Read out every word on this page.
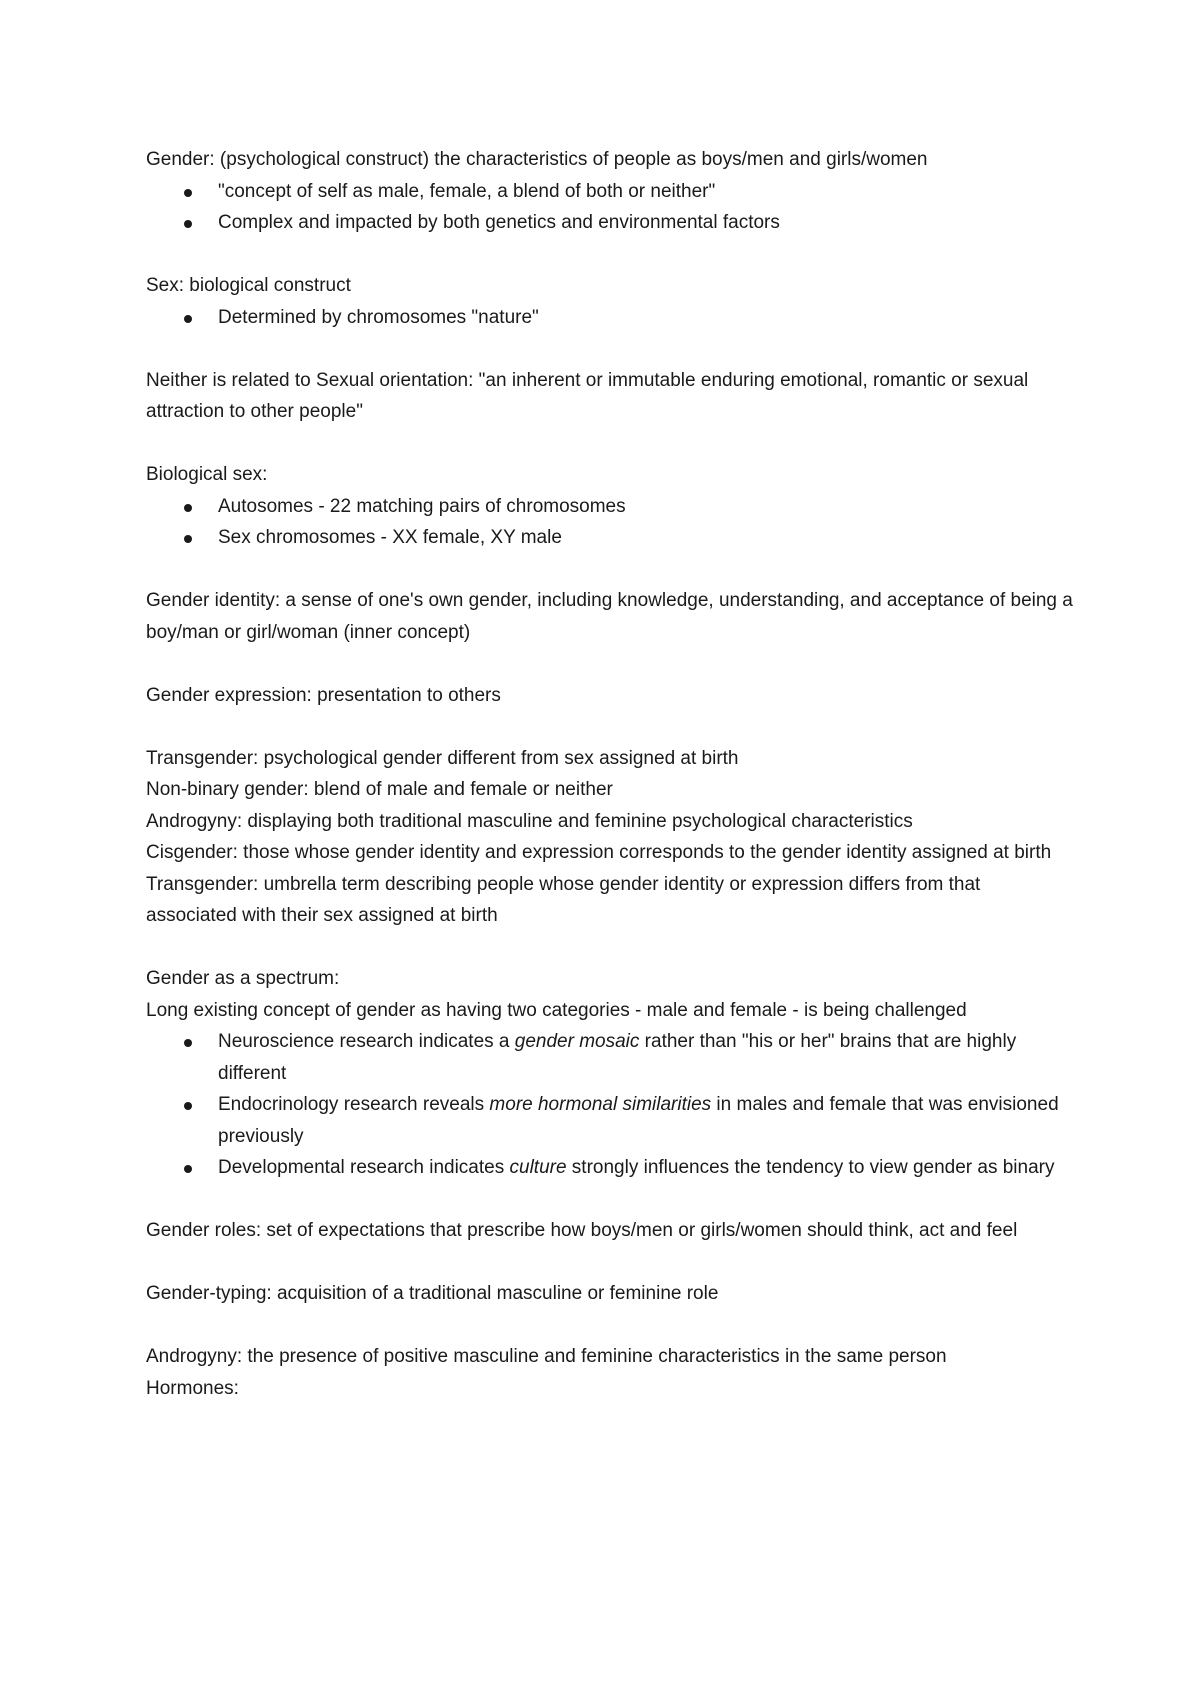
Gender: (psychological construct) the characteristics of people as boys/men and girls/women

"concept of self as male, female, a blend of both or neither"
Complex and impacted by both genetics and environmental factors

Sex: biological construct

Determined by chromosomes "nature"

Neither is related to Sexual orientation: "an inherent or immutable enduring emotional, romantic or sexual attraction to other people"

Biological sex:

Autosomes - 22 matching pairs of chromosomes
Sex chromosomes - XX female, XY male

Gender identity: a sense of one's own gender, including knowledge, understanding, and acceptance of being a boy/man or girl/woman (inner concept)

Gender expression: presentation to others

Transgender: psychological gender different from sex assigned at birth

Non-binary gender: blend of male and female or neither

Androgyny: displaying both traditional masculine and feminine psychological characteristics

Cisgender: those whose gender identity and expression corresponds to the gender identity assigned at birth

Transgender: umbrella term describing people whose gender identity or expression differs from that associated with their sex assigned at birth

Gender as a spectrum:

Long existing concept of gender as having two categories - male and female - is being challenged

Neuroscience research indicates a gender mosaic rather than "his or her" brains that are highly different
Endocrinology research reveals more hormonal similarities in males and female that was envisioned previously
Developmental research indicates culture strongly influences the tendency to view gender as binary

Gender roles: set of expectations that prescribe how boys/men or girls/women should think, act and feel

Gender-typing: acquisition of a traditional masculine or feminine role

Androgyny: the presence of positive masculine and feminine characteristics in the same person

Hormones:
